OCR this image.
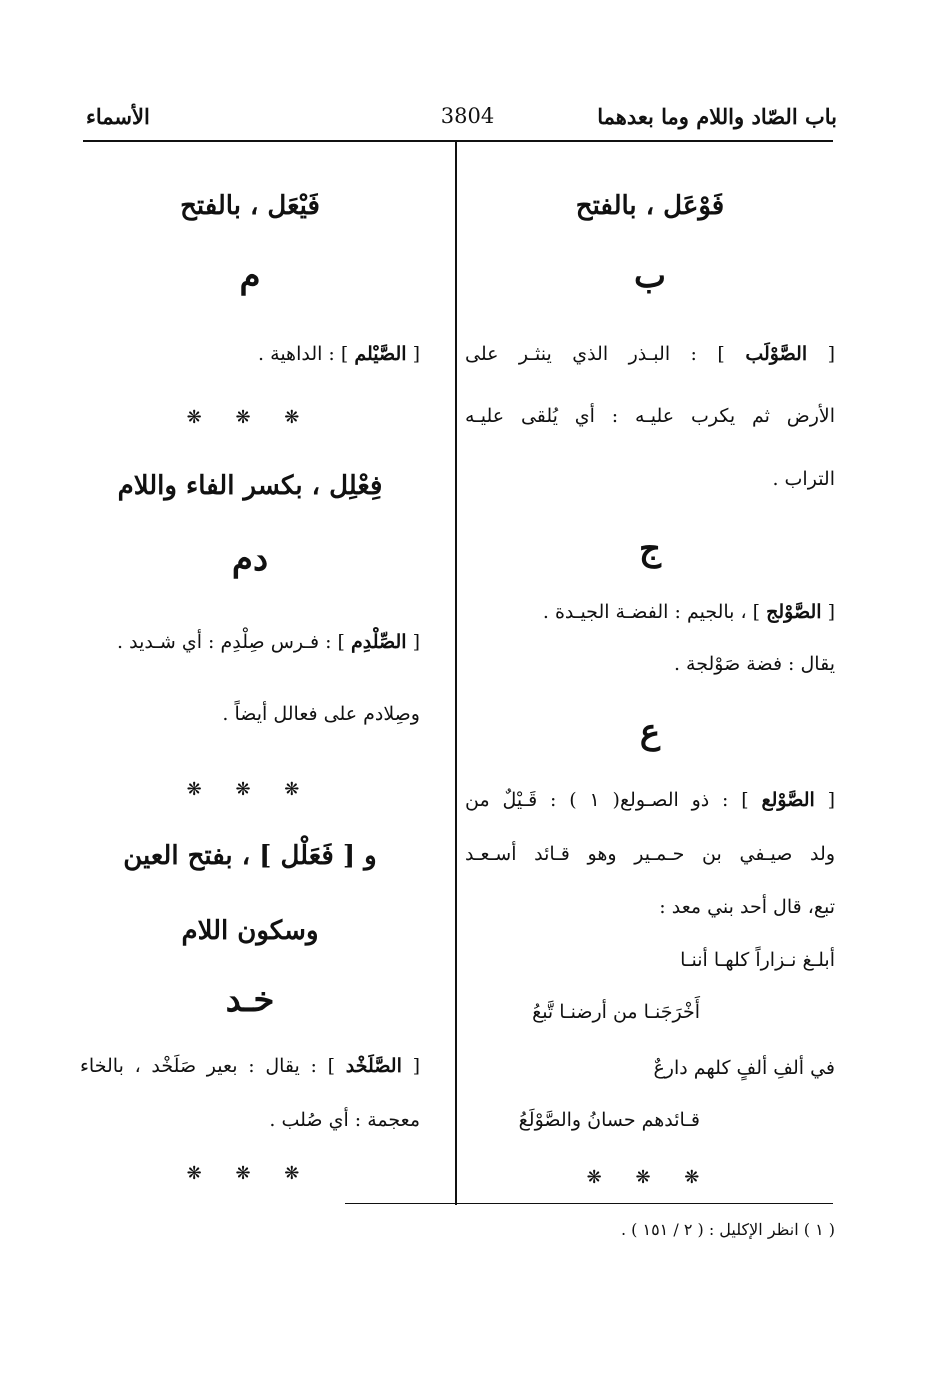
باب الصّاد واللام وما بعدهما
3804
الأسماء
فَوْعَل ، بالفتح
ب
[ الصَّوْلَب ] : البـذر الذي ينثـر على
الأرض ثم يكرب عليـه : أي يُلقى عليـه
التراب .
ج
[ الصَّوْلج ] ، بالجيم : الفضـة الجيـدة .
يقال : فضة صَوْلجة .
ع
[ الصَّوْلع ] : ذو الصـولع( ١ ) : قَـيْلٌ من
ولد صيـفي بن حـمـير وهو قـائد أسـعـد
تبع، قال أحد بني معد :
أبلـغ نـزاراً كلهـا أننـا
أَخْرَجَنـا من أرضنـا تَّبعُ
في ألفِ ألفٍ كلهم دارعٌ
قـائدهم حسانُ والصَّوْلَعُ
❋ ❋ ❋
فَيْعَل ، بالفتح
م
[ الصَّيْلم ] : الداهية .
❋ ❋ ❋
فِعْلِل ، بكسر الفاء واللام
دم
[ الصِّلْدِم ] : فـرس صِلْدِم : أي شـديد .
وصِلادم على فعالل أيضاً .
❋ ❋ ❋
و [ فَعَلْل ] ، بفتح العين
وسكون اللام
خـد
[ الصَّلَخْد ] : يقال : بعير صَلَخْد ، بالخاء
معجمة : أي صُلب .
❋ ❋ ❋
( ١ ) انظر الإكليل : ( ٢ / ١٥١ ) .
